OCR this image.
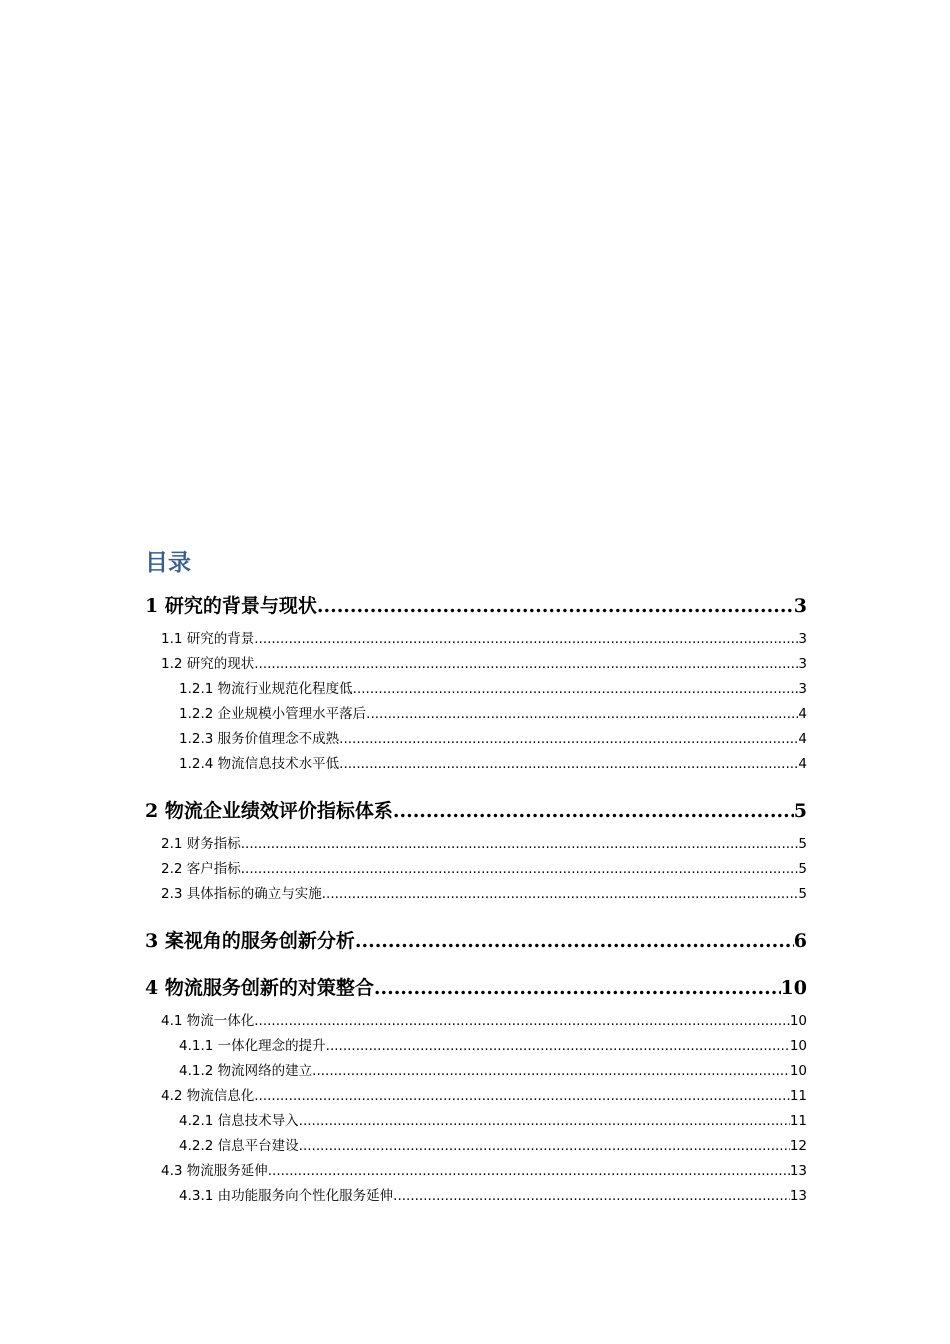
目录
1 研究的背景与现状 .....	3
1.1 研究的背景 .....	3
1.2 研究的现状 .....	3
1.2.1 物流行业规范化程度低 .....	3
1.2.2 企业规模小管理水平落后 .....	4
1.2.3 服务价值理念不成熟 .....	4
1.2.4 物流信息技术水平低 .....	4
2 物流企业绩效评价指标体系 .....	5
2.1 财务指标 .....	5
2.2 客户指标 .....	5
2.3 具体指标的确立与实施 .....	5
3 案视角的服务创新分析 .....	6
4 物流服务创新的对策整合 .....	10
4.1 物流一体化 .....	10
4.1.1 一体化理念的提升 .....	10
4.1.2 物流网络的建立 .....	10
4.2 物流信息化 .....	11
4.2.1 信息技术导入 .....	11
4.2.2 信息平台建设 .....	12
4.3 物流服务延伸 .....	13
4.3.1 由功能服务向个性化服务延伸 .....	13
